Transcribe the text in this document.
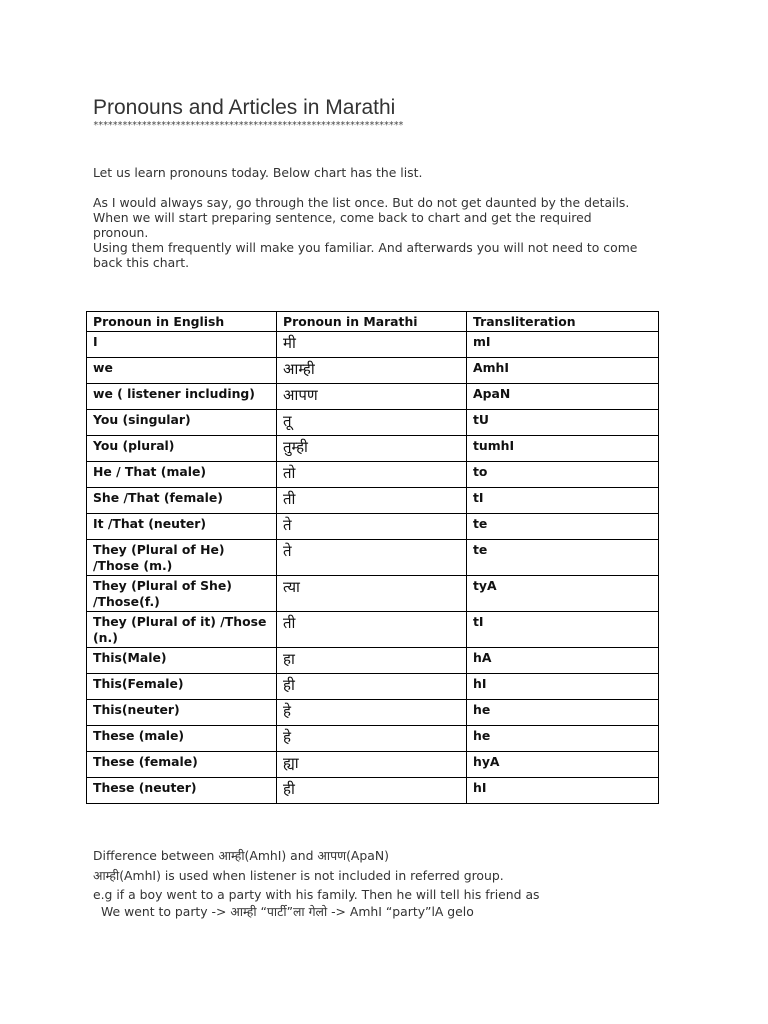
Pronouns and Articles in Marathi
****************************************************************
Let us learn pronouns today. Below chart has the list.
As I would always say, go through the list once. But do not get daunted by the details.
When we will start preparing sentence, come back to chart and get the required
pronoun.
Using them frequently will make you familiar. And afterwards you will not need to come
back this chart.
Pronoun in English	Pronoun in Marathi	Transliteration
I	मी	mI
we	आम्ही	AmhI
we ( listener including)	आपण	ApaN
You (singular)	तू	tU
You (plural)	तुम्ही	tumhI
He / That (male)	तो	to
She /That (female)	ती	tI
It /That (neuter)	ते	te
They (Plural of He) /Those (m.)	ते	te
They (Plural of She) /Those(f.)	त्या	tyA
They (Plural of it) /Those (n.)	ती	tI
This(Male)	हा	hA
This(Female)	ही	hI
This(neuter)	हे	he
These (male)	हे	he
These (female)	ह्या	hyA
These (neuter)	ही	hI
Difference between आम्ही(AmhI) and आपण(ApaN)
आम्ही(AmhI) is used when listener is not included in referred group.
e.g if a boy went to a party with his family. Then he will tell his friend as
We went to party -> आम्ही “पार्टी”ला गेलो -> AmhI “party”lA gelo
